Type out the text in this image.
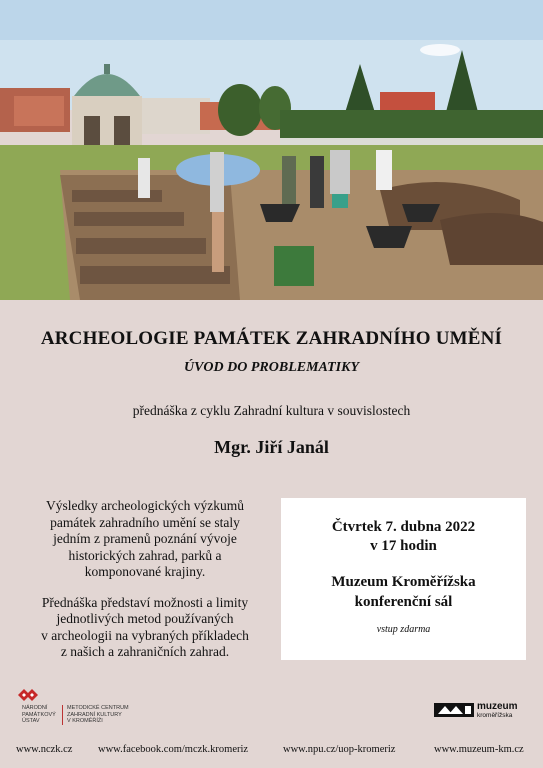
ARCHEOLOGIE PAMÁTEK ZAHRADNÍHO UMĚNÍ
ÚVOD DO PROBLEMATIKY
přednáška z cyklu Zahradní kultura v souvislostech
Mgr. Jiří Janál

Výsledky archeologických výzkumů
památek zahradního umění se staly
jedním z pramenů poznání vývoje
historických zahrad, parků a
komponované krajiny.

Přednáška představí možnosti a limity
jednotlivých metod používaných
v archeologii na vybraných příkladech
z našich a zahraničních zahrad.

Čtvrtek 7. dubna 2022
v 17 hodin
Muzeum Kroměřížska
konferenční sál
vstup zdarma
NÁRODNÍ
PAMÁTKOVÝ
ÚSTAV
METODICKÉ CENTRUM
ZAHRADNÍ KULTURY
V KROMĚŘÍŽI
muzeum
kroměřížska
www.nczk.cz www.facebook.com/mczk.kromeriz	www.npu.cz/uop-kromeriz	www.muzeum-km.cz
